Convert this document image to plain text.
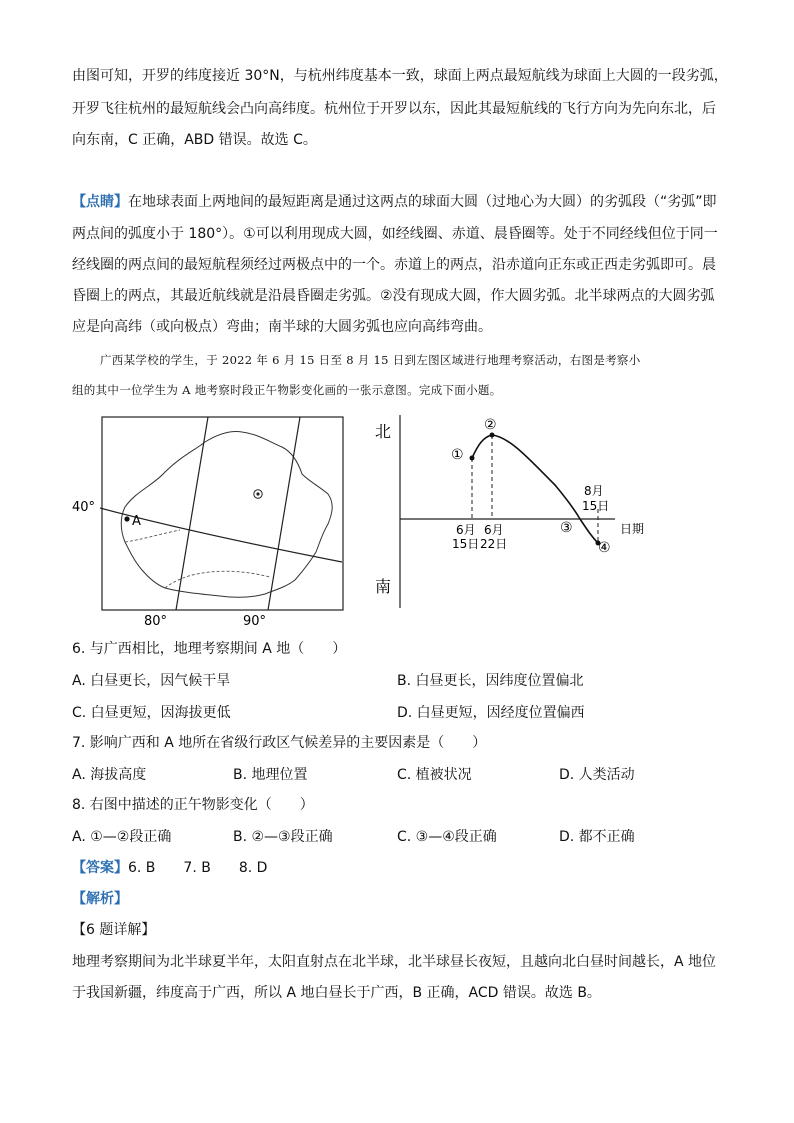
由图可知，开罗的纬度接近 30°N，与杭州纬度基本一致，球面上两点最短航线为球面上大圆的一段劣弧，
开罗飞往杭州的最短航线会凸向高纬度。杭州位于开罗以东，因此其最短航线的飞行方向为先向东北，后
向东南，C 正确，ABD 错误。故选 C。
【点睛】在地球表面上两地间的最短距离是通过这两点的球面大圆（过地心为大圆）的劣弧段（“劣弧”即
两点间的弧度小于 180°）。①可以利用现成大圆，如经线圈、赤道、晨昏圈等。处于不同经线但位于同一
经线圈的两点间的最短航程须经过两极点中的一个。赤道上的两点，沿赤道向正东或正西走劣弧即可。晨
昏圈上的两点，其最近航线就是沿晨昏圈走劣弧。②没有现成大圆，作大圆劣弧。北半球两点的大圆劣弧
应是向高纬（或向极点）弯曲；南半球的大圆劣弧也应向高纬弯曲。
广西某学校的学生，于 2022 年 6 月 15 日至 8 月 15 日到左图区域进行地理考察活动，右图是考察小
组的其中一位学生为 A 地考察时段正午物影变化画的一张示意图。完成下面小题。
A
40°
80°	90°
北
南
日期
①
②
③
④
6月
15日
6月
22日
8月
15日
6. 与广西相比，地理考察期间 A 地（　　）
A. 白昼更长，因气候干旱	B. 白昼更长，因纬度位置偏北
C. 白昼更短，因海拔更低	D. 白昼更短，因经度位置偏西
7. 影响广西和 A 地所在省级行政区气候差异的主要因素是（　　）
A. 海拔高度	B. 地理位置	C. 植被状况	D. 人类活动
8. 右图中描述的正午物影变化（　　）
A. ①—②段正确	B. ②—③段正确	C. ③—④段正确	D. 都不正确
【答案】6. B　　7. B　　8. D
【解析】
【6 题详解】
地理考察期间为北半球夏半年，太阳直射点在北半球，北半球昼长夜短，且越向北白昼时间越长，A 地位
于我国新疆，纬度高于广西，所以 A 地白昼长于广西，B 正确，ACD 错误。故选 B。
